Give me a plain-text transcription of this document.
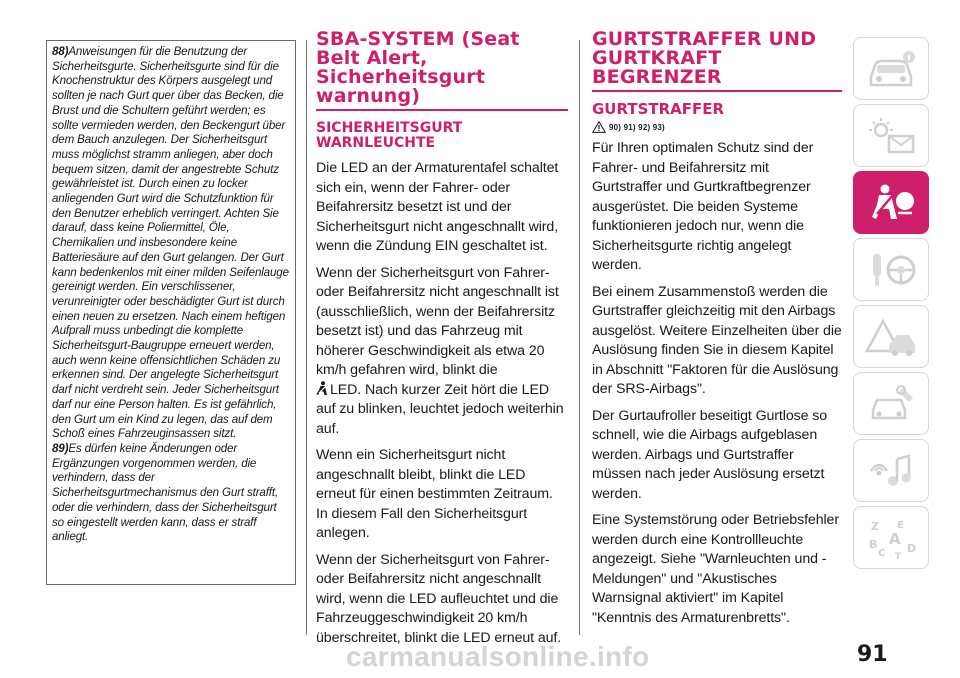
88)Anweisungen für die Benutzung der Sicherheitsgurte. Sicherheitsgurte sind für die Knochenstruktur des Körpers ausgelegt und sollten je nach Gurt quer über das Becken, die Brust und die Schultern geführt werden; es sollte vermieden werden, den Beckengurt über dem Bauch anzulegen. Der Sicherheitsgurt muss möglichst stramm anliegen, aber doch bequem sitzen, damit der angestrebte Schutz gewährleistet ist. Durch einen zu locker anliegenden Gurt wird die Schutzfunktion für den Benutzer erheblich verringert. Achten Sie darauf, dass keine Poliermittel, Öle, Chemikalien und insbesondere keine Batteriesäure auf den Gurt gelangen. Der Gurt kann bedenkenlos mit einer milden Seifenlauge gereinigt werden. Ein verschlissener, verunreinigter oder beschädigter Gurt ist durch einen neuen zu ersetzen. Nach einem heftigen Aufprall muss unbedingt die komplette Sicherheitsgurt-Baugruppe erneuert werden, auch wenn keine offensichtlichen Schäden zu erkennen sind. Der angelegte Sicherheitsgurt darf nicht verdreht sein. Jeder Sicherheitsgurt darf nur eine Person halten. Es ist gefährlich, den Gurt um ein Kind zu legen, das auf dem Schoß eines Fahrzeuginsassen sitzt.

89)Es dürfen keine Änderungen oder Ergänzungen vorgenommen werden, die verhindern, dass der Sicherheitsgurtmechanismus den Gurt strafft, oder die verhindern, dass der Sicherheitsgurt so eingestellt werden kann, dass er straff anliegt.

SBA-SYSTEM (Seat Belt Alert, Sicherheitsgurt warnung)
SICHERHEITSGURT WARNLEUCHTE

Die LED an der Armaturentafel schaltet sich ein, wenn der Fahrer- oder Beifahrersitz besetzt ist und der Sicherheitsgurt nicht angeschnallt wird, wenn die Zündung EIN geschaltet ist.

Wenn der Sicherheitsgurt von Fahrer- oder Beifahrersitz nicht angeschnallt ist (ausschließlich, wenn der Beifahrersitz besetzt ist) und das Fahrzeug mit höherer Geschwindigkeit als etwa 20 km/h gefahren wird, blinkt die
LED. Nach kurzer Zeit hört die LED auf zu blinken, leuchtet jedoch weiterhin auf.

Wenn ein Sicherheitsgurt nicht angeschnallt bleibt, blinkt die LED erneut für einen bestimmten Zeitraum. In diesem Fall den Sicherheitsgurt anlegen.

Wenn der Sicherheitsgurt von Fahrer- oder Beifahrersitz nicht angeschnallt wird, wenn die LED aufleuchtet und die Fahrzeuggeschwindigkeit 20 km/h überschreitet, blinkt die LED erneut auf.

GURTSTRAFFER UND GURTKRAFT BEGRENZER
GURTSTRAFFER
90) 91) 92) 93)

Für Ihren optimalen Schutz sind der Fahrer- und Beifahrersitz mit Gurtstraffer und Gurtkraftbegrenzer ausgerüstet. Die beiden Systeme funktionieren jedoch nur, wenn die Sicherheitsgurte richtig angelegt werden.

Bei einem Zusammenstoß werden die Gurtstraffer gleichzeitig mit den Airbags ausgelöst. Weitere Einzelheiten über die Auslösung finden Sie in diesem Kapitel in Abschnitt "Faktoren für die Auslösung der SRS-Airbags".

Der Gurtaufroller beseitigt Gurtlose so schnell, wie die Airbags aufgeblasen werden. Airbags und Gurtstraffer müssen nach jeder Auslösung ersetzt werden.

Eine Systemstörung oder Betriebsfehler werden durch eine Kontrollleuchte angezeigt. Siehe "Warnleuchten und -Meldungen" und "Akustisches Warnsignal aktiviert" im Kapitel "Kenntnis des Armaturenbretts".

Z E
B A
C D
T
91
carmanualsonline.info
